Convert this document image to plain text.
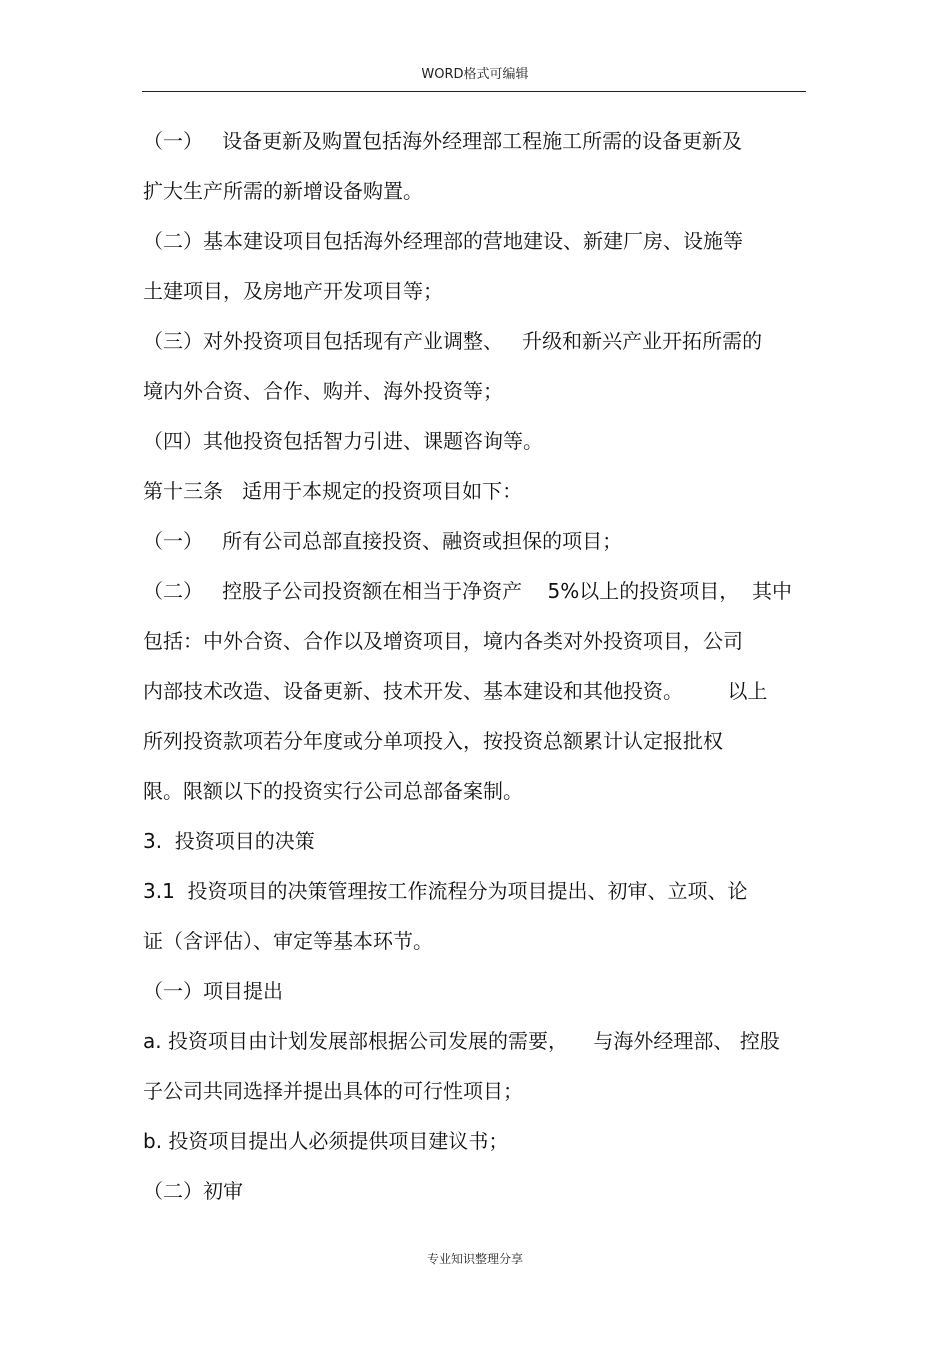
WORD格式可编辑
（一）   设备更新及购置包括海外经理部工程施工所需的设备更新及
扩大生产所需的新增设备购置。
（二）基本建设项目包括海外经理部的营地建设、新建厂房、设施等
土建项目，及房地产开发项目等；
（三）对外投资项目包括现有产业调整、   升级和新兴产业开拓所需的
境内外合资、合作、购并、海外投资等；
（四）其他投资包括智力引进、课题咨询等。
第十三条   适用于本规定的投资项目如下：
（一）   所有公司总部直接投资、融资或担保的项目；
（二）   控股子公司投资额在相当于净资产    5%以上的投资项目，  其中
包括：中外合资、合作以及增资项目，境内各类对外投资项目，公司
内部技术改造、设备更新、技术开发、基本建设和其他投资。       以上
所列投资款项若分年度或分单项投入，按投资总额累计认定报批权
限。限额以下的投资实行公司总部备案制。
3.  投资项目的决策
3.1  投资项目的决策管理按工作流程分为项目提出、初审、立项、论
证（含评估）、审定等基本环节。
（一）项目提出
a. 投资项目由计划发展部根据公司发展的需要，    与海外经理部、 控股
子公司共同选择并提出具体的可行性项目；
b. 投资项目提出人必须提供项目建议书；
（二）初审
专业知识整理分享
